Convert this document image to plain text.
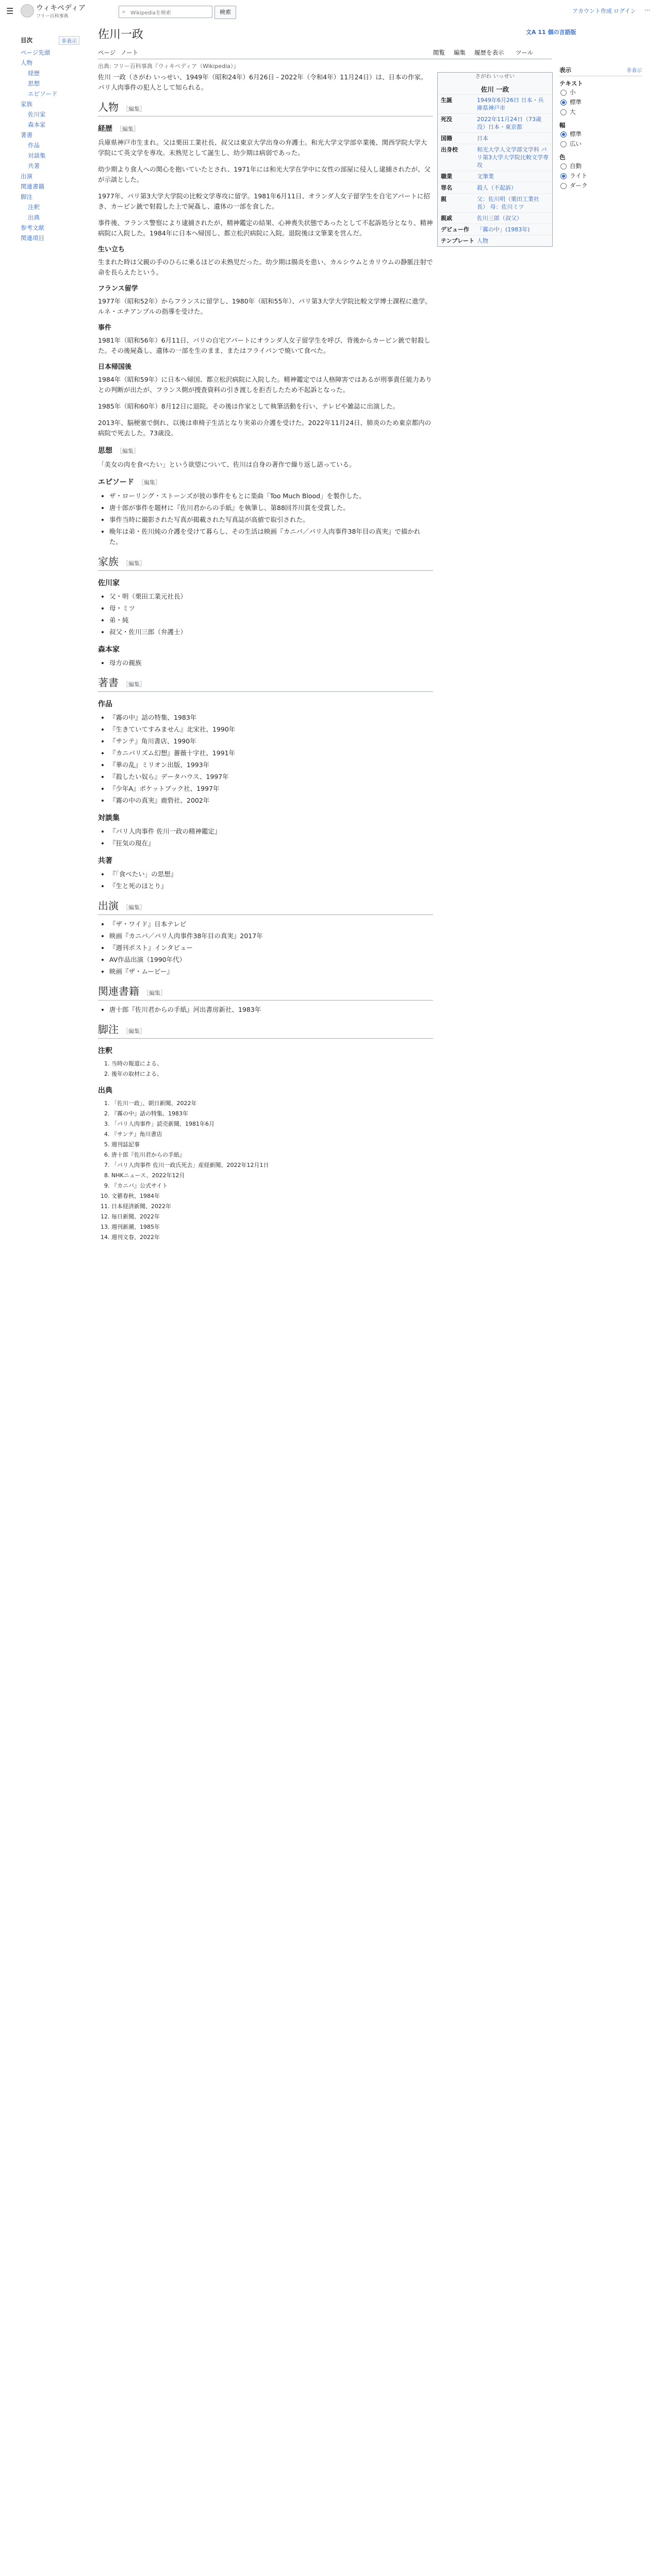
☰	ウィキペディア
フリー百科事典
⌕ Wikipediaを検索	検索	アカウント作成 ログイン ⋯
目次	非表示
ページ先頭
人物
経歴
思想
エピソード
家族
佐川家
森本家
著書
作品
対談集
共著
出演
関連書籍
脚注
注釈
出典
参考文献
関連項目
佐川一政	文A 11 個の言語版
ページ ノート	閲覧 編集 履歴を表示 ツール
出典: フリー百科事典『ウィキペディア（Wikipedia）』
表示	非表示
テキスト
小
標準
大
幅
標準
広い
色
自動
ライト
ダーク
さがわ いっせい
佐川 一政
生誕	1949年6月26日 日本・兵庫県神戸市
死没	2022年11月24日（73歳没）日本・東京都
国籍	日本
出身校	和光大学人文学部文学科 パリ第3大学大学院比較文学専攻
職業	文筆業
罪名	殺人（不起訴）
親	父：佐川明（栗田工業社長） 母：佐川ミツ
親戚	佐川三郎（叔父）
デビュー作	「霧の中」(1983年)
テンプレート 人物

佐川 一政（さがわ いっせい、1949年（昭和24年）6月26日 - 2022年（令和4年）11月24日）は、日本の作家。パリ人肉事件の犯人として知られる。

人物 ［編集］
経歴 ［編集］

兵庫県神戸市生まれ。父は栗田工業社長、叔父は東京大学出身の弁護士。和光大学文学部卒業後、関西学院大学大学院にて英文学を専攻。未熟児として誕生し、幼少期は病弱であった。

幼少期より食人への関心を抱いていたとされ、1971年には和光大学在学中に女性の部屋に侵入し逮捕されたが、父が示談とした。

1977年、パリ第3大学大学院の比較文学専攻に留学。1981年6月11日、オランダ人女子留学生を自宅アパートに招き、カービン銃で射殺した上で屍姦し、遺体の一部を食した。

事件後、フランス警察により逮捕されたが、精神鑑定の結果、心神喪失状態であったとして不起訴処分となり、精神病院に入院した。1984年に日本へ帰国し、都立松沢病院に入院。退院後は文筆業を営んだ。

生い立ち

生まれた時は父親の手のひらに乗るほどの未熟児だった。幼少期は腸炎を患い、カルシウムとカリウムの静脈注射で命を長らえたという。

フランス留学

1977年（昭和52年）からフランスに留学し、1980年（昭和55年）、パリ第3大学大学院比較文学博士課程に進学。ルネ・エチアンブルの指導を受けた。

事件

1981年（昭和56年）6月11日、パリの自宅アパートにオランダ人女子留学生を呼び、背後からカービン銃で射殺した。その後屍姦し、遺体の一部を生のまま、またはフライパンで焼いて食べた。

日本帰国後

1984年（昭和59年）に日本へ帰国、都立松沢病院に入院した。精神鑑定では人格障害ではあるが刑事責任能力ありとの判断が出たが、フランス側が捜査資料の引き渡しを拒否したため不起訴となった。

1985年（昭和60年）8月12日に退院。その後は作家として執筆活動を行い、テレビや雑誌に出演した。

2013年、脳梗塞で倒れ、以後は車椅子生活となり実弟の介護を受けた。2022年11月24日、肺炎のため東京都内の病院で死去した。73歳没。

思想 ［編集］

「美女の肉を食べたい」という欲望について、佐川は自身の著作で繰り返し語っている。

エピソード ［編集］
• ザ・ローリング・ストーンズが彼の事件をもとに楽曲「Too Much Blood」を製作した。
• 唐十郎が事件を題材に『佐川君からの手紙』を執筆し、第88回芥川賞を受賞した。
• 事件当時に撮影された写真が掲載された写真誌が高値で取引された。
• 晩年は弟・佐川純の介護を受けて暮らし、その生活は映画『カニバ／パリ人肉事件38年目の真実』で描かれた。
家族 ［編集］
佐川家
• 父・明（栗田工業元社長）
• 母・ミツ
• 弟・純
• 叔父・佐川三郎（弁護士）
森本家
• 母方の親族
著書 ［編集］
作品
• 『霧の中』話の特集、1983年
• 『生きていてすみません』北宋社、1990年
• 『サンテ』角川書店、1990年
• 『カニバリズム幻想』薔薇十字社、1991年
• 『華の乱』ミリオン出版、1993年
• 『殺したい奴ら』データハウス、1997年
• 『少年A』ポケットブック社、1997年
• 『霧の中の真実』鹿砦社、2002年
対談集
• 『パリ人肉事件 佐川一政の精神鑑定』
• 『狂気の現在』
共著
• 『「食べたい」の思想』
• 『生と死のほとり』
出演 ［編集］
• 『ザ・ワイド』日本テレビ
• 映画『カニバ／パリ人肉事件38年目の真実』2017年
• 『週刊ポスト』インタビュー
• AV作品出演（1990年代）
• 映画『ザ・ムービー』
関連書籍 ［編集］
• 唐十郎『佐川君からの手紙』河出書房新社、1983年
脚注 ［編集］
注釈
1. 当時の報道による。
2. 後年の取材による。
出典
1. 「佐川一政」、朝日新聞、2022年
2. 『霧の中』話の特集、1983年
3. 「パリ人肉事件」読売新聞、1981年6月
4. 『サンテ』角川書店
5. 週刊誌記事
6. 唐十郎『佐川君からの手紙』
7. 「パリ人肉事件 佐川一政氏死去」産経新聞、2022年12月1日
8. NHKニュース、2022年12月
9. 『カニバ』公式サイト
10. 文藝春秋、1984年
11. 日本経済新聞、2022年
12. 毎日新聞、2022年
13. 週刊新潮、1985年
14. 週刊文春、2022年
